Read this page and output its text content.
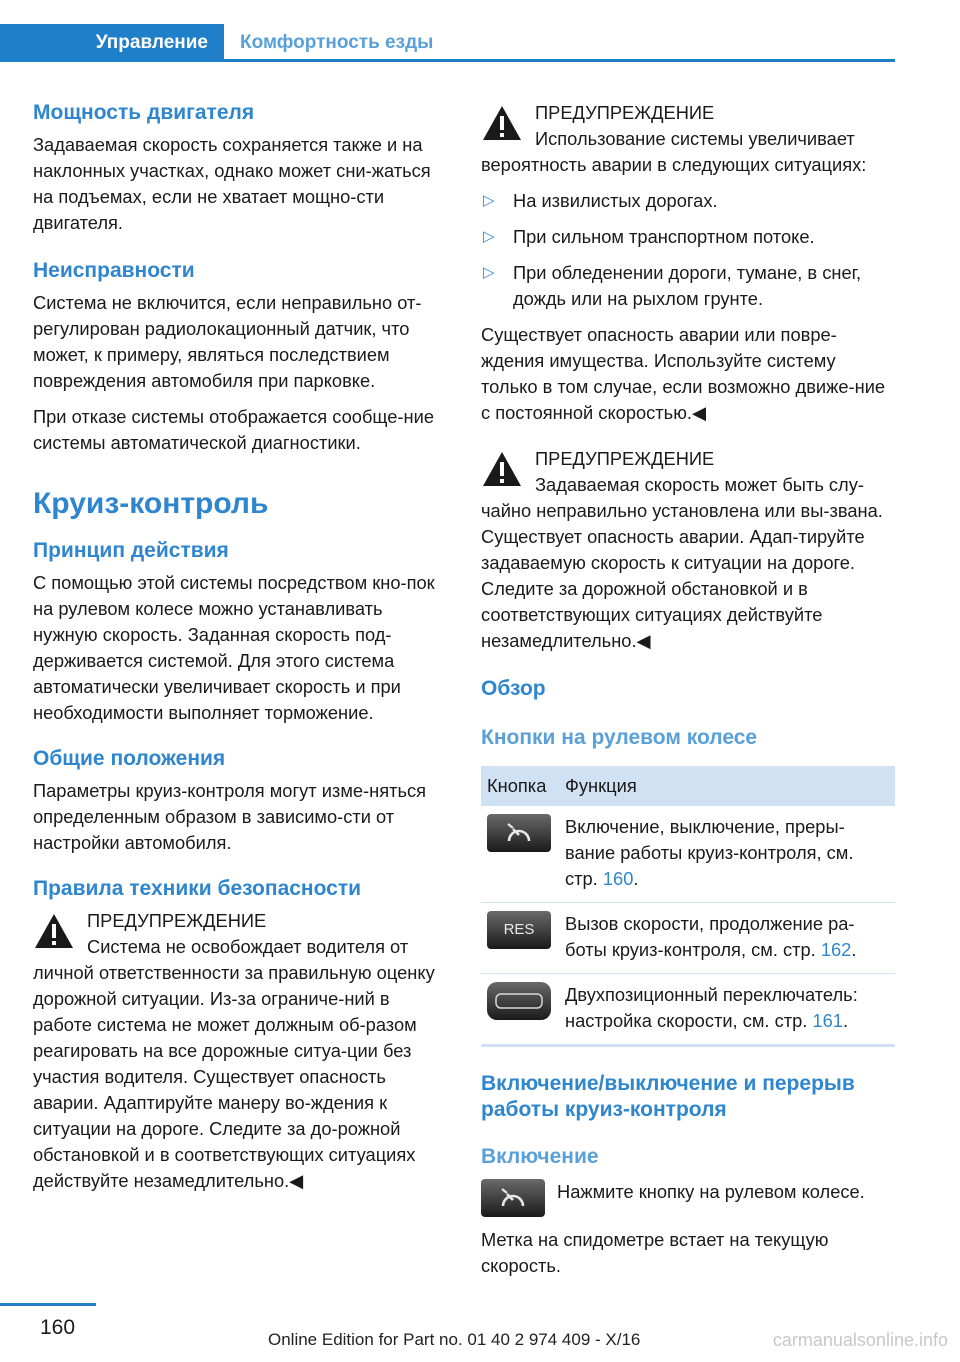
Управление	Комфортность езды
Мощность двигателя

Задаваемая скорость сохраняется также и на наклонных участках, однако может сни-жаться на подъемах, если не хватает мощно-сти двигателя.

Неисправности

Система не включится, если неправильно от-регулирован радиолокационный датчик, что может, к примеру, являться последствием повреждения автомобиля при парковке.

При отказе системы отображается сообще-ние системы автоматической диагностики.

Круиз-контроль
Принцип действия

С помощью этой системы посредством кно-пок на рулевом колесе можно устанавливать нужную скорость. Заданная скорость под-держивается системой. Для этого система автоматически увеличивает скорость и при необходимости выполняет торможение.

Общие положения

Параметры круиз-контроля могут изме-няться определенным образом в зависимо-сти от настройки автомобиля.

Правила техники безопасности
ПРЕДУПРЕЖДЕНИЕ
Система не освобождает водителя от личной ответственности за правильную оценку дорожной ситуации. Из-за ограниче-ний в работе система не может должным об-разом реагировать на все дорожные ситуа-ции без участия водителя. Существует опасность аварии. Адаптируйте манеру во-ждения к ситуации на дороге. Следите за до-рожной обстановкой и в соответствующих ситуациях действуйте незамедлительно.◀
ПРЕДУПРЕЖДЕНИЕ
Использование системы увеличивает вероятность аварии в следующих ситуациях:
▷ На извилистых дорогах.
▷ При сильном транспортном потоке.
▷ При обледенении дороги, тумане, в снег, дождь или на рыхлом грунте.

Существует опасность аварии или повре-ждения имущества. Используйте систему только в том случае, если возможно движе-ние с постоянной скоростью.◀

ПРЕДУПРЕЖДЕНИЕ
Задаваемая скорость может быть слу-чайно неправильно установлена или вы-звана. Существует опасность аварии. Адап-тируйте задаваемую скорость к ситуации на дороге. Следите за дорожной обстановкой и в соответствующих ситуациях действуйте незамедлительно.◀
Обзор
Кнопки на рулевом колесе
Кнопка	Функция

	Включение, выключение, преры-вание работы круиз-контроля, см. стр. 160.

RES	Вызов скорости, продолжение ра-боты круиз-контроля, см. стр. 162.

	Двухпозиционный переключатель: настройка скорости, см. стр. 161.
Включение/выключение и перерыв работы круиз-контроля
Включение
Нажмите кнопку на рулевом колесе.

Метка на спидометре встает на текущую скорость.

160
Online Edition for Part no. 01 40 2 974 409 - X/16	carmanualsonline.info
